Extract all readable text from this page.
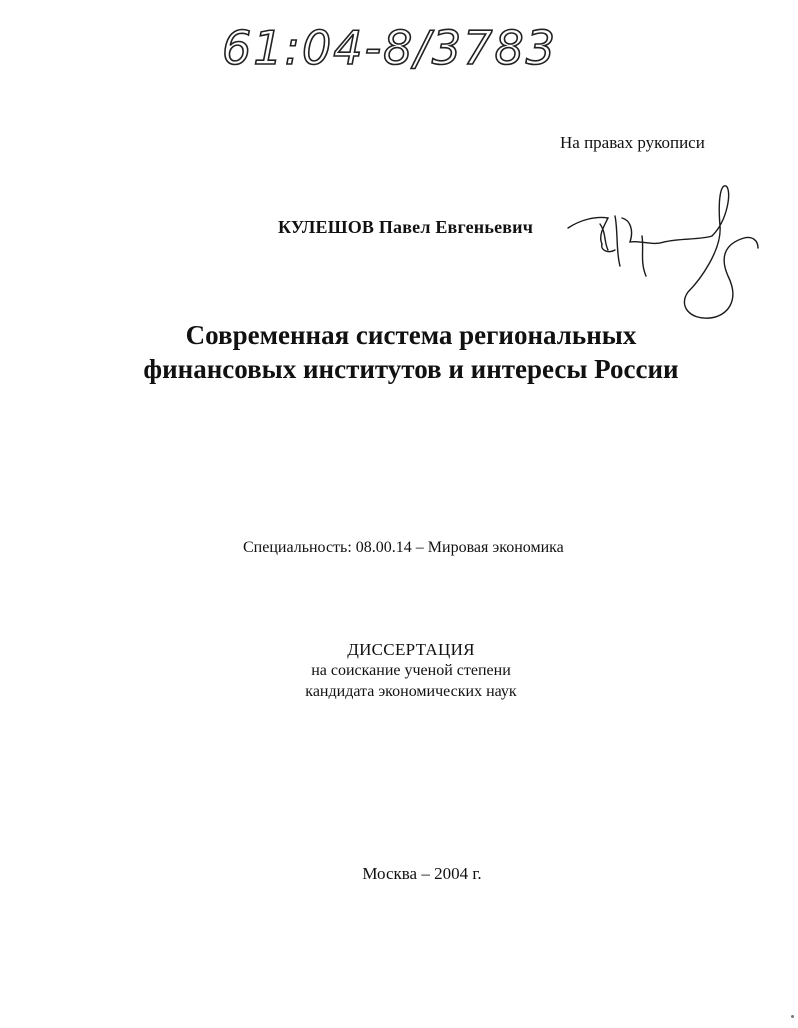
61:04-8/3783
На правах рукописи
КУЛЕШОВ Павел Евгеньевич
Современная система региональных
финансовых институтов и интересы России
Специальность: 08.00.14 – Мировая экономика
ДИССЕРТАЦИЯ
на соискание ученой степени
кандидата экономических наук
Москва – 2004 г.
